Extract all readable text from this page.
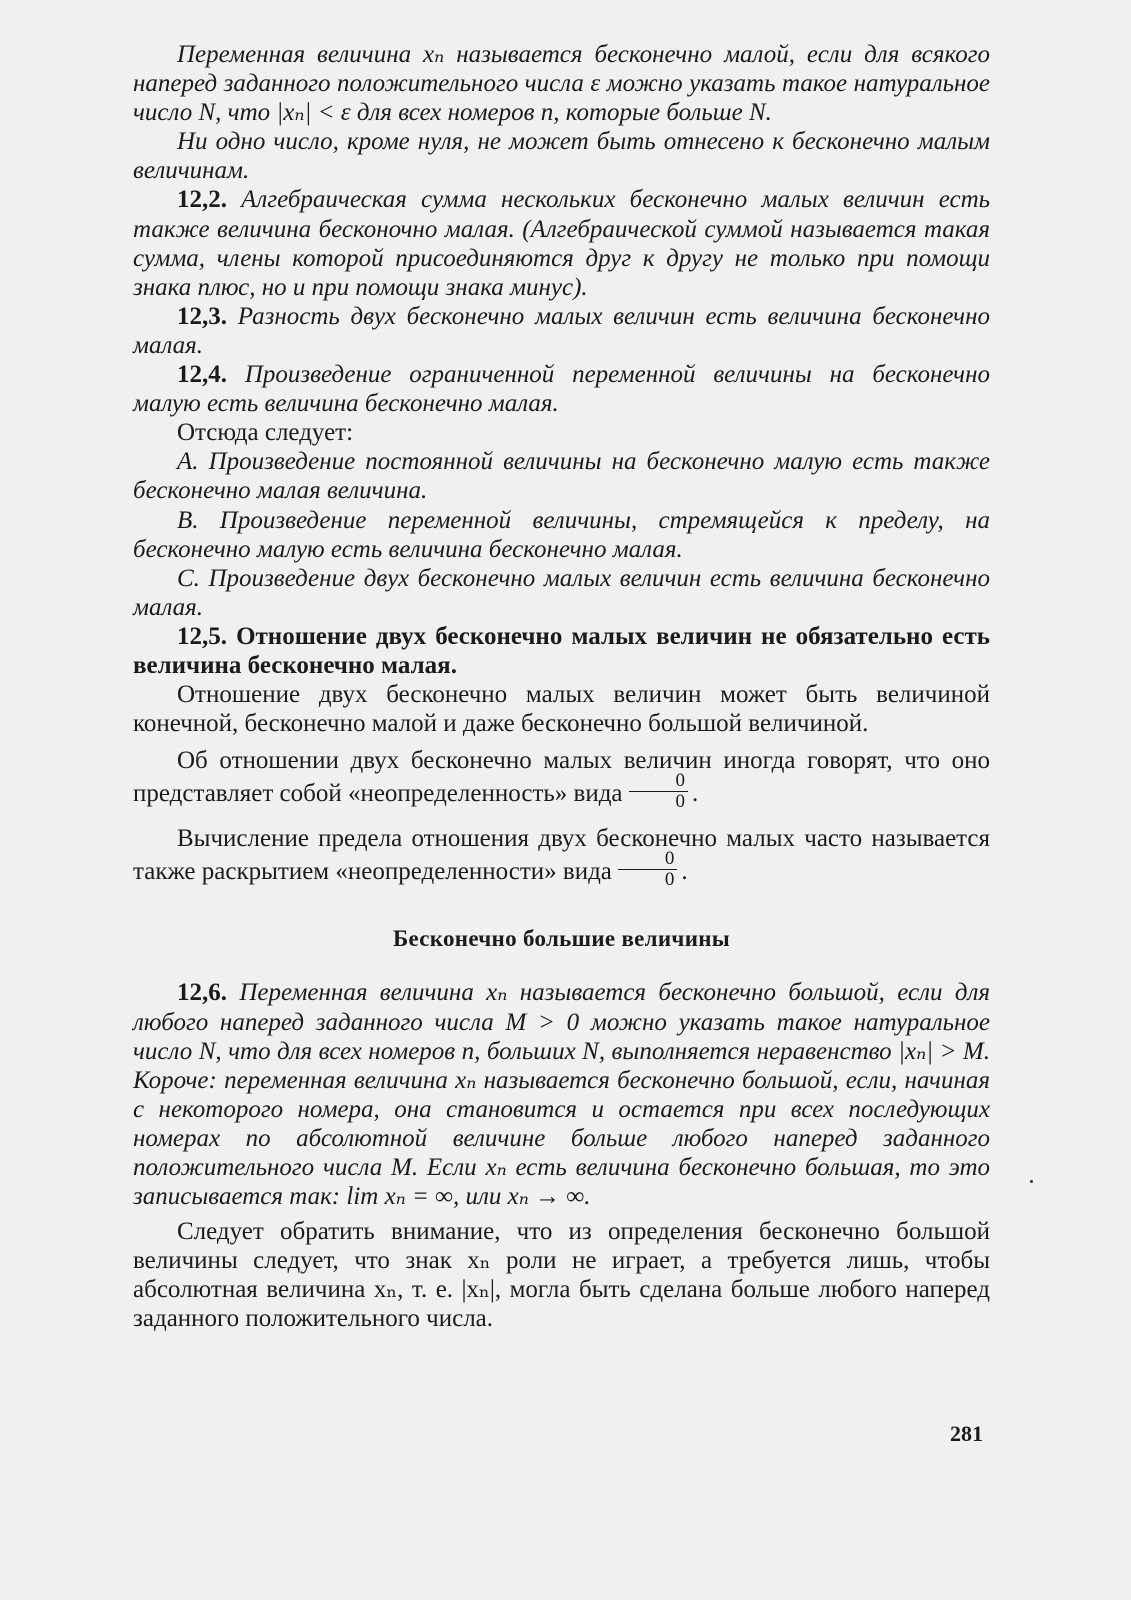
Переменная величина xₙ называется бесконечно малой, если для всякого наперед заданного положительного числа ε можно указать такое натуральное число N, что |xₙ| < ε для всех номеров n, которые больше N.

Ни одно число, кроме нуля, не может быть отнесено к бесконечно малым величинам.

12,2. Алгебраическая сумма нескольких бесконечно малых величин есть также величина бесконочно малая. (Алгебраической суммой называется такая сумма, члены которой присоединяются друг к другу не только при помощи знака плюс, но и при помощи знака минус).

12,3. Разность двух бесконечно малых величин есть величина бесконечно малая.

12,4. Произведение ограниченной переменной величины на бесконечно малую есть величина бесконечно малая.

Отсюда следует:

А. Произведение постоянной величины на бесконечно малую есть также бесконечно малая величина.

В. Произведение переменной величины, стремящейся к пределу, на бесконечно малую есть величина бесконечно малая.

С. Произведение двух бесконечно малых величин есть величина бесконечно малая.

12,5. Отношение двух бесконечно малых величин не обязательно есть величина бесконечно малая.

Отношение двух бесконечно малых величин может быть величиной конечной, бесконечно малой и даже бесконечно большой величиной.

Об отношении двух бесконечно малых величин иногда говорят, что оно представляет собой «неопределенность» вида $\frac{0}{0}$ .

Вычисление предела отношения двух бесконечно малых часто называется также раскрытием «неопределенности» вида $\frac{0}{0}$ .

Бесконечно большие величины

12,6. Переменная величина xₙ называется бесконечно большой, если для любого наперед заданного числа M > 0 можно указать такое натуральное число N, что для всех номеров n, больших N, выполняется неравенство |xₙ| > M. Короче: переменная величина xₙ называется бесконечно большой, если, начиная с некоторого номера, она становится и остается при всех последующих номерах по абсолютной величине больше любого наперед заданного положительного числа M. Если xₙ есть величина бесконечно большая, то это записывается так: lim xₙ = ∞, или xₙ → ∞.

Следует обратить внимание, что из определения бесконечно большой величины следует, что знак xₙ роли не играет, а требуется лишь, чтобы абсолютная величина xₙ, т. е. |xₙ|, могла быть сделана больше любого наперед заданного положительного числа.

281
